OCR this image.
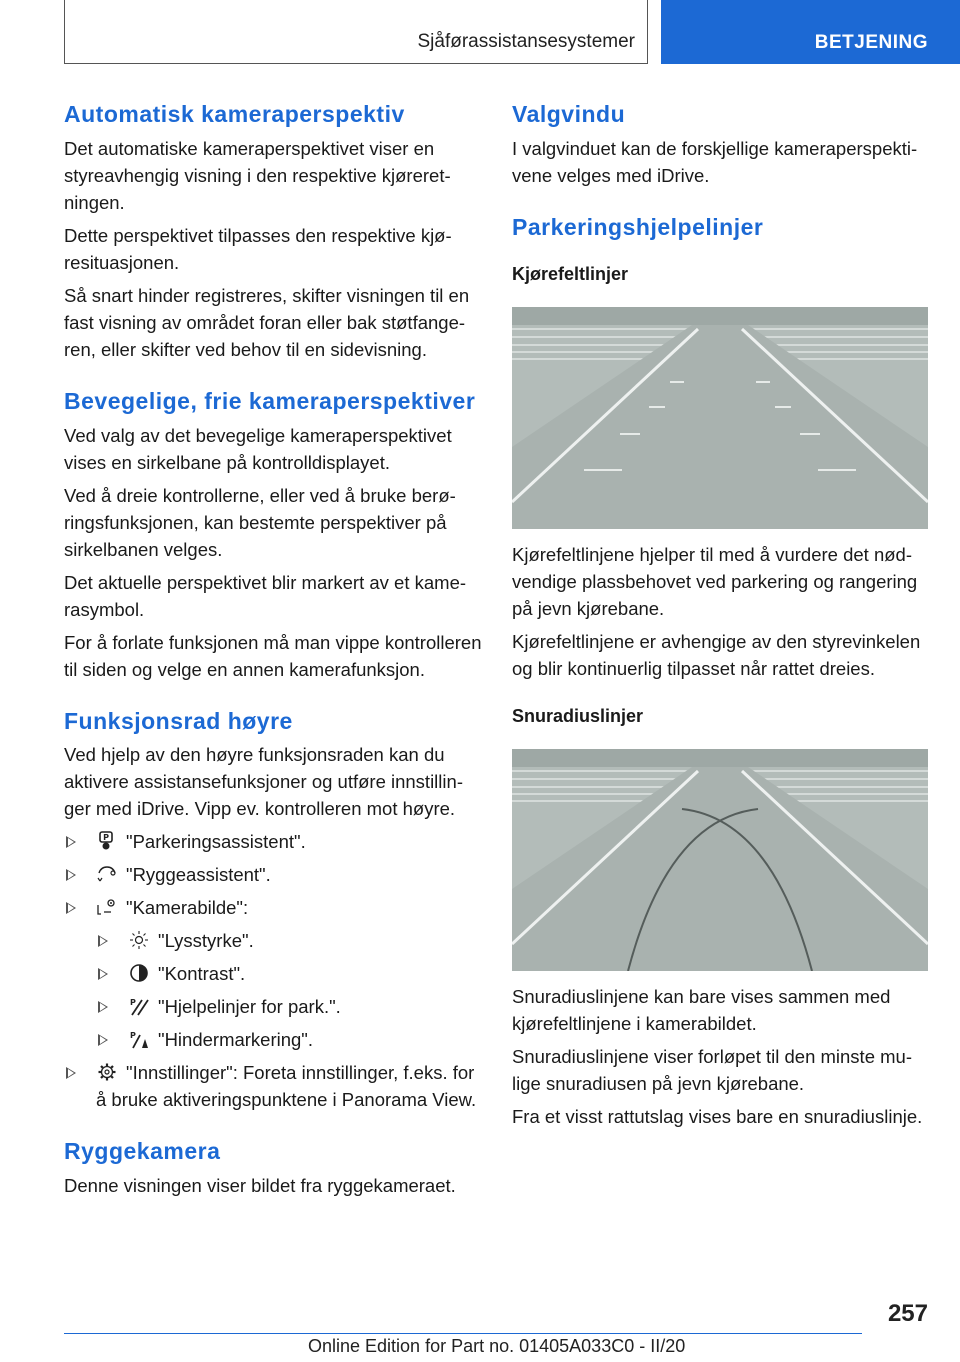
Sjåførassistansesystemer	BETJENING
Automatisk kameraperspektiv

Det automatiske kameraperspektivet viser en styreavhengig visning i den respektive kjøreretningen.

Dette perspektivet tilpasses den respektive kjøresituasjonen.

Så snart hinder registreres, skifter visningen til en fast visning av området foran eller bak støtfangeren, eller skifter ved behov til en sidevisning.

Bevegelige, frie kameraperspektiver

Ved valg av det bevegelige kameraperspektivet vises en sirkelbane på kontrolldisplayet.

Ved å dreie kontrollerne, eller ved å bruke berøringsfunksjonen, kan bestemte perspektiver på sirkelbanen velges.

Det aktuelle perspektivet blir markert av et kamerasymbol.

For å forlate funksjonen må man vippe kontrolleren til siden og velge en annen kamerafunksjon.

Funksjonsrad høyre

Ved hjelp av den høyre funksjonsraden kan du aktivere assistansefunksjoner og utføre innstillinger med iDrive. Vipp ev. kontrolleren mot høyre.

P "Parkeringsassistent".
"Ryggeassistent".
"Kamerabilde":
"Lysstyrke".
"Kontrast".
P "Hjelpelinjer for park.".
P "Hindermarkering".
"Innstillinger": Foreta innstillinger, f.eks. for å bruke aktiveringspunktene i Panorama View.
Ryggekamera

Denne visningen viser bildet fra ryggekameraet.

Valgvindu

I valgvinduet kan de forskjellige kameraperspektivene velges med iDrive.

Parkeringshjelpelinjer
Kjørefeltlinjer

Kjørefeltlinjene hjelper til med å vurdere det nødvendige plassbehovet ved parkering og rangering på jevn kjørebane.

Kjørefeltlinjene er avhengige av den styrevinkelen og blir kontinuerlig tilpasset når rattet dreies.

Snuradiuslinjer

Snuradiuslinjene kan bare vises sammen med kjørefeltlinjene i kamerabildet.

Snuradiuslinjene viser forløpet til den minste mulige snuradiusen på jevn kjørebane.

Fra et visst rattutslag vises bare en snuradiuslinje.

257
Online Edition for Part no. 01405A033C0 - II/20
